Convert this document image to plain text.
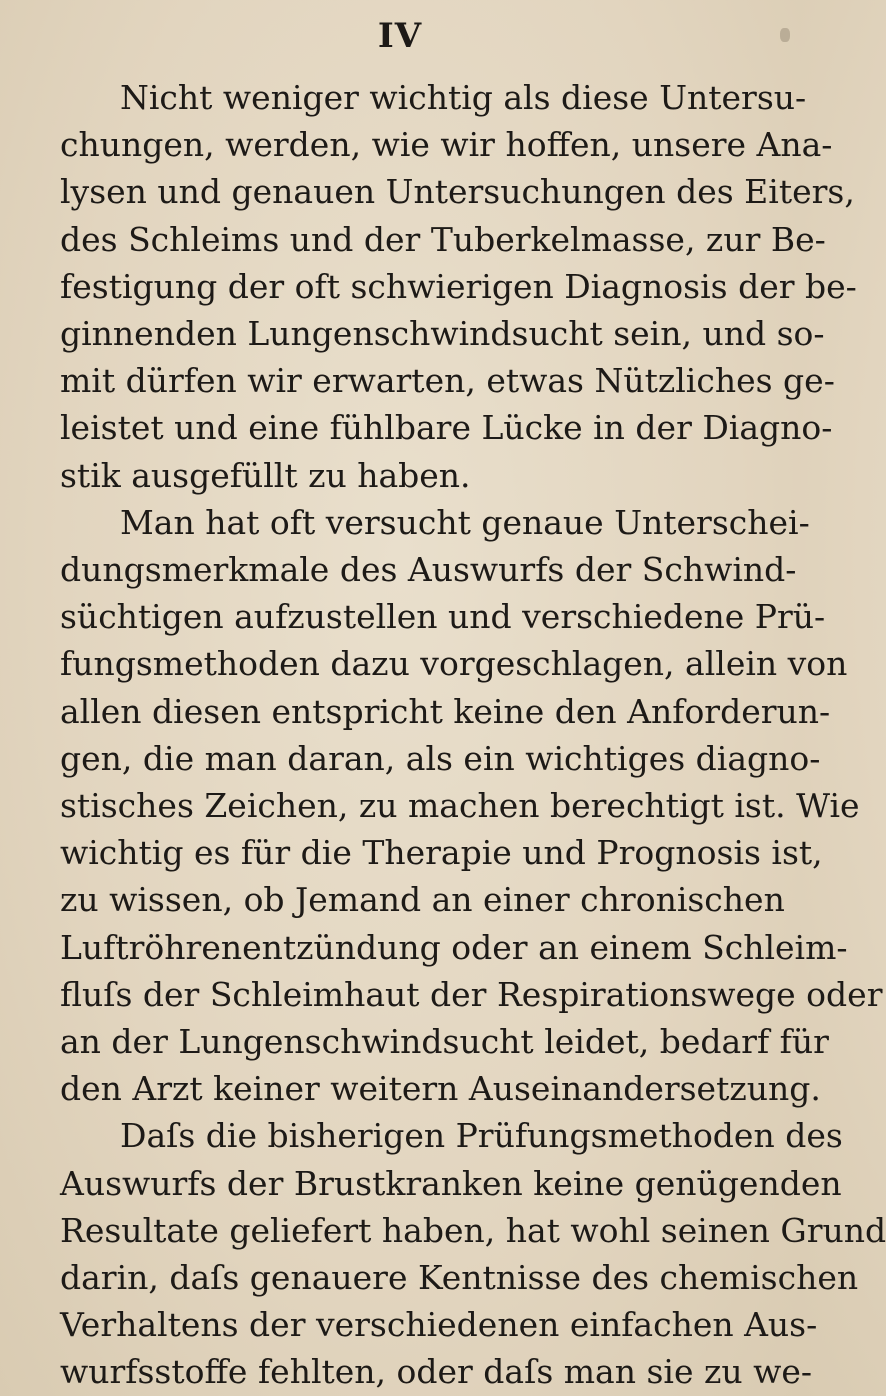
IV
Nicht weniger wichtig als diese Untersu-
chungen, werden, wie wir hoffen, unsere Ana-
lysen und genauen Untersuchungen des Eiters,
des Schleims und der Tuberkelmasse, zur Be-
festigung der oft schwierigen Diagnosis der be-
ginnenden Lungenschwindsucht sein, und so-
mit dürfen wir erwarten, etwas Nützliches ge-
leistet und eine fühlbare Lücke in der Diagno-
stik ausgefüllt zu haben.
Man hat oft versucht genaue Unterschei-
dungsmerkmale des Auswurfs der Schwind-
süchtigen aufzustellen und verschiedene Prü-
fungsmethoden dazu vorgeschlagen, allein von
allen diesen entspricht keine den Anforderun-
gen, die man daran, als ein wichtiges diagno-
stisches Zeichen, zu machen berechtigt ist. Wie
wichtig es für die Therapie und Prognosis ist,
zu wissen, ob Jemand an einer chronischen
Luftröhrenentzündung oder an einem Schleim-
fluſs der Schleimhaut der Respirationswege oder
an der Lungenschwindsucht leidet, bedarf für
den Arzt keiner weitern Auseinandersetzung.
Daſs die bisherigen Prüfungsmethoden des
Auswurfs der Brustkranken keine genügenden
Resultate geliefert haben, hat wohl seinen Grund
darin, daſs genauere Kentnisse des chemischen
Verhaltens der verschiedenen einfachen Aus-
wurfsstoffe fehlten, oder daſs man sie zu we-
